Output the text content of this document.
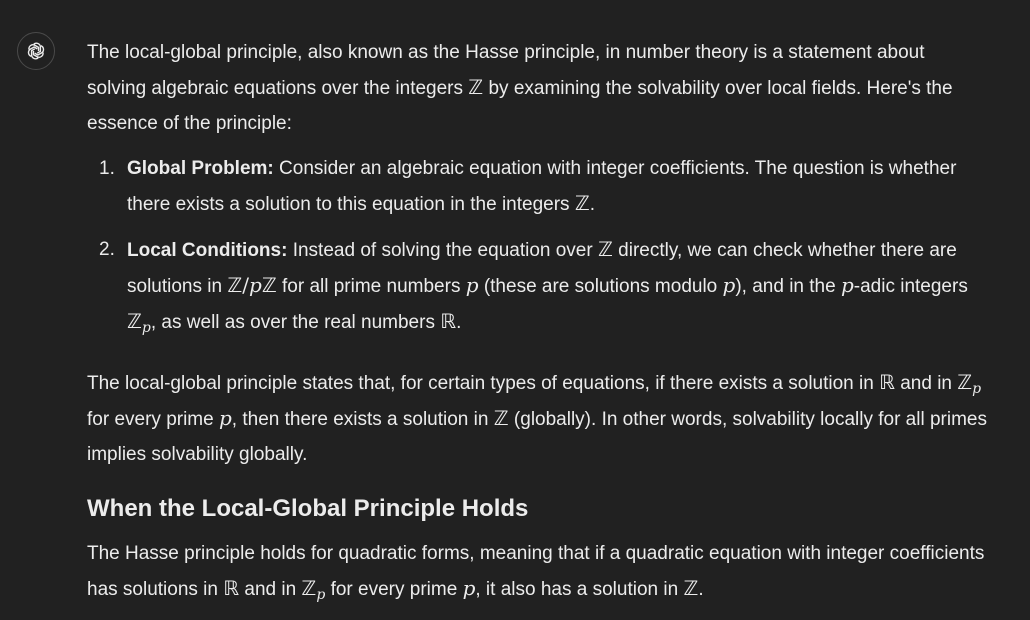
The local-global principle, also known as the Hasse principle, in number theory is a statement about solving algebraic equations over the integers ℤ by examining the solvability over local fields. Here's the essence of the principle:

1. Global Problem: Consider an algebraic equation with integer coefficients. The question is whether there exists a solution to this equation in the integers ℤ.
2. Local Conditions: Instead of solving the equation over ℤ directly, we can check whether there are solutions in ℤ/pℤ for all prime numbers p (these are solutions modulo p), and in the p-adic integers ℤ$_p$, as well as over the real numbers ℝ.

The local-global principle states that, for certain types of equations, if there exists a solution in ℝ and in ℤ$_p$ for every prime p, then there exists a solution in ℤ (globally). In other words, solvability locally for all primes implies solvability globally.

When the Local-Global Principle Holds

The Hasse principle holds for quadratic forms, meaning that if a quadratic equation with integer coefficients has solutions in ℝ and in ℤ$_p$ for every prime p, it also has a solution in ℤ.
